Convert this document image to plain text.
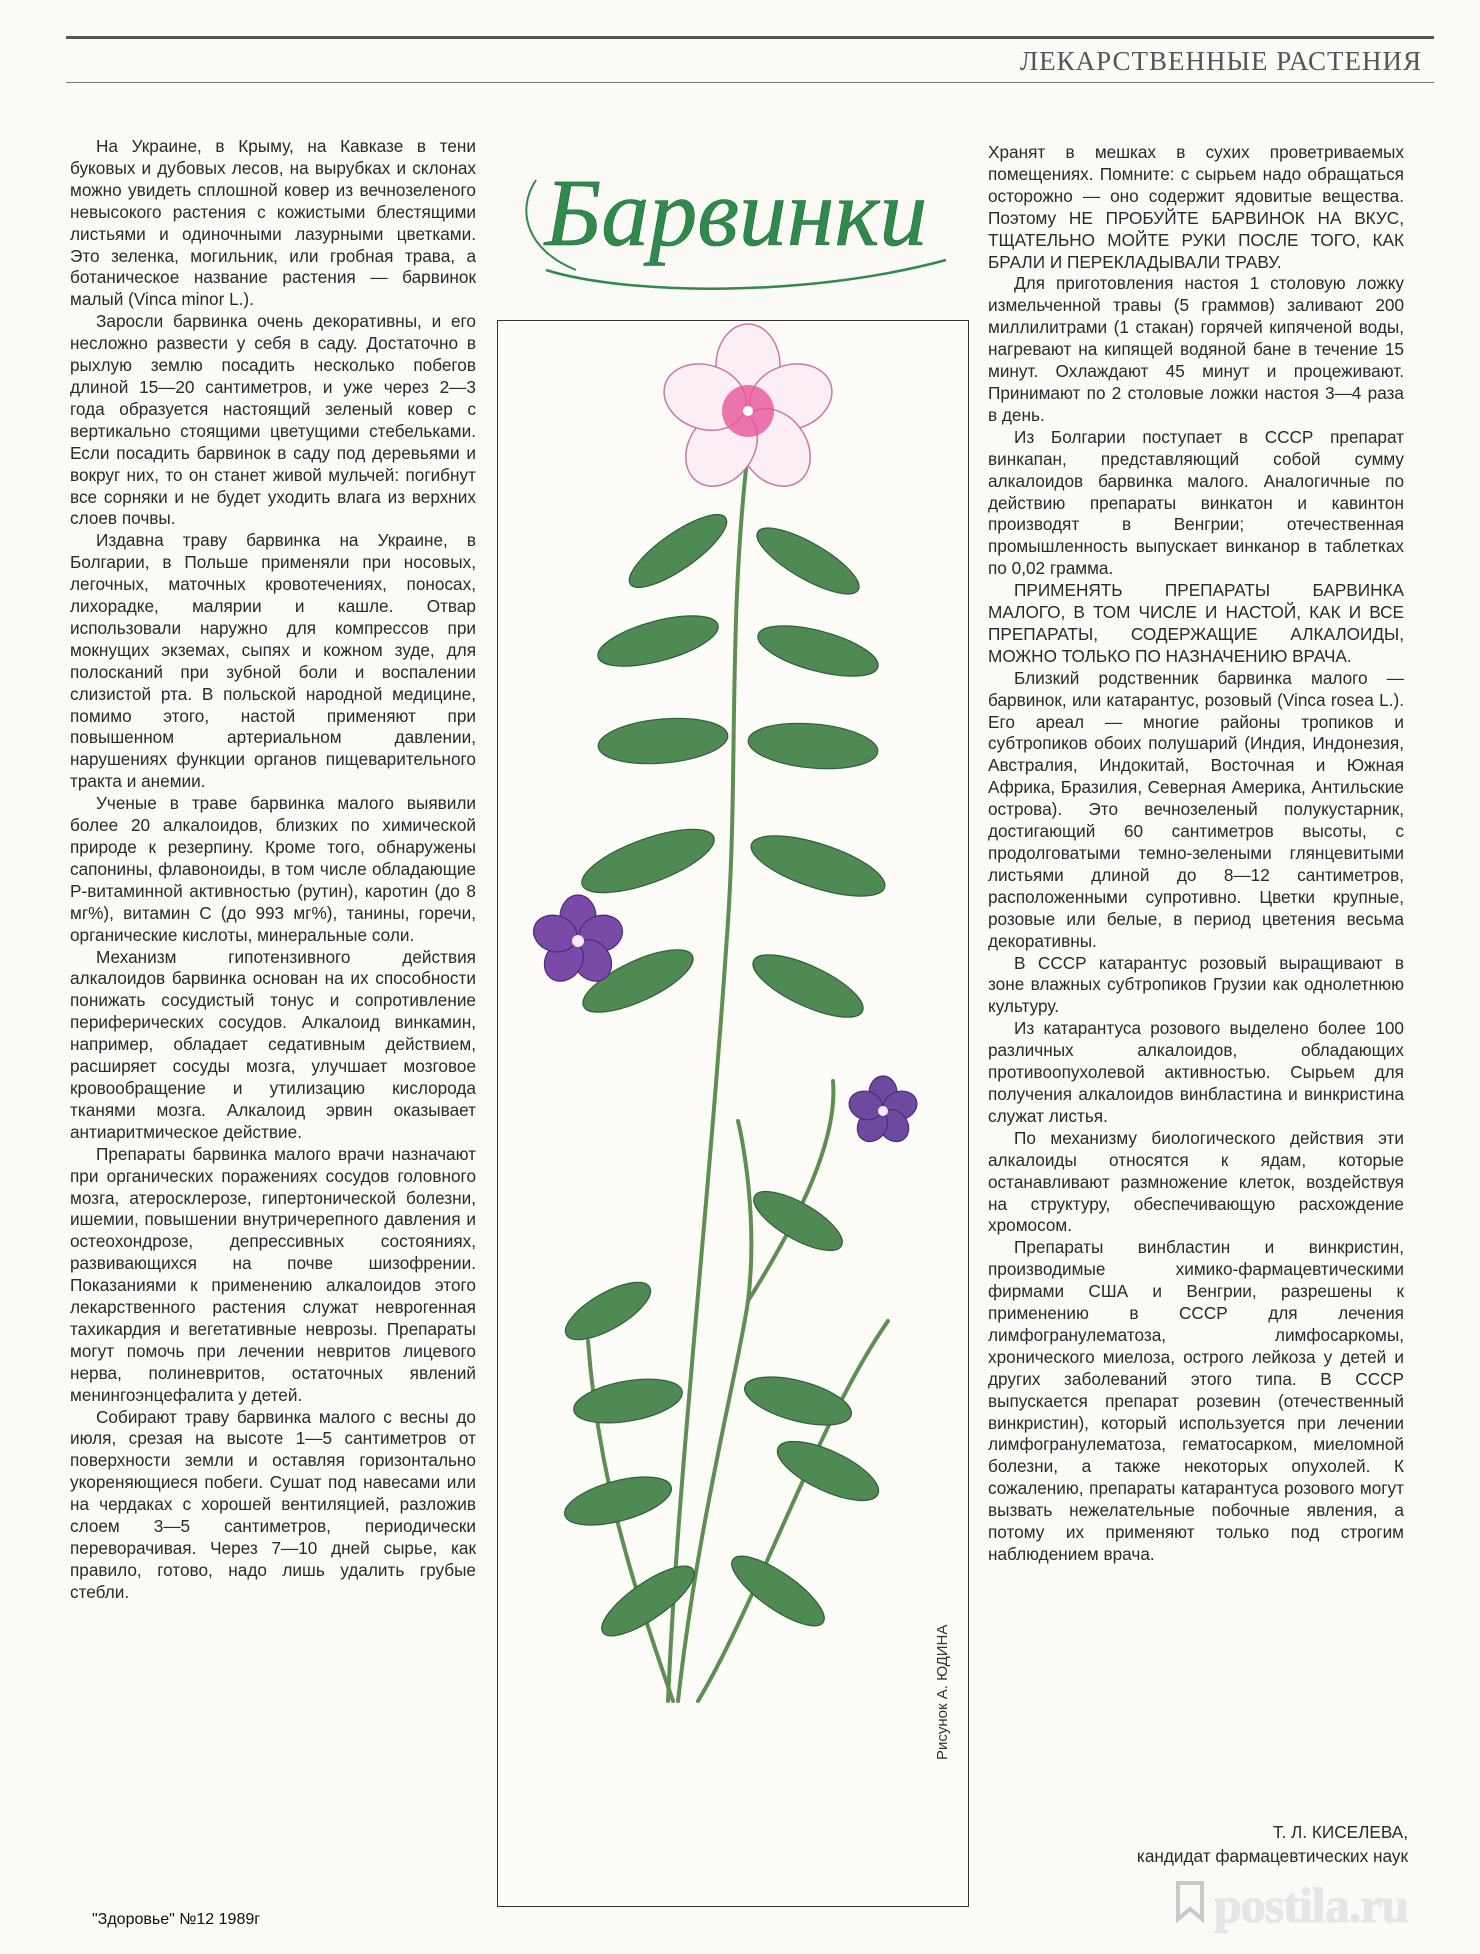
ЛЕКАРСТВЕННЫЕ РАСТЕНИЯ

На Украине, в Крыму, на Кавказе в тени буковых и дубовых лесов, на вырубках и склонах можно увидеть сплошной ковер из вечнозеленого невысокого растения с кожистыми блестящими листьями и одиночными лазурными цветками. Это зеленка, могильник, или гробная трава, а ботаническое название растения — барвинок малый (Vinca minor L.).

Заросли барвинка очень декоративны, и его несложно развести у себя в саду. Достаточно в рыхлую землю посадить несколько побегов длиной 15—20 сантиметров, и уже через 2—3 года образуется настоящий зеленый ковер с вертикально стоящими цветущими стебельками. Если посадить барвинок в саду под деревьями и вокруг них, то он станет живой мульчей: погибнут все сорняки и не будет уходить влага из верхних слоев почвы.

Издавна траву барвинка на Украине, в Болгарии, в Польше применяли при носовых, легочных, маточных кровотечениях, поносах, лихорадке, малярии и кашле. Отвар использовали наружно для компрессов при мокнущих экземах, сыпях и кожном зуде, для полосканий при зубной боли и воспалении слизистой рта. В польской народной медицине, помимо этого, настой применяют при повышенном артериальном давлении, нарушениях функции органов пищеварительного тракта и анемии.

Ученые в траве барвинка малого выявили более 20 алкалоидов, близких по химической природе к резерпину. Кроме того, обнаружены сапонины, флавоноиды, в том числе обладающие Р-витаминной активностью (рутин), каротин (до 8 мг%), витамин С (до 993 мг%), танины, горечи, органические кислоты, минеральные соли.

Механизм гипотензивного действия алкалоидов барвинка основан на их способности понижать сосудистый тонус и сопротивление периферических сосудов. Алкалоид винкамин, например, обладает седативным действием, расширяет сосуды мозга, улучшает мозговое кровообращение и утилизацию кислорода тканями мозга. Алкалоид эрвин оказывает антиаритмическое действие.

Препараты барвинка малого врачи назначают при органических поражениях сосудов головного мозга, атеросклерозе, гипертонической болезни, ишемии, повышении внутричерепного давления и остеохондрозе, депрессивных состояниях, развивающихся на почве шизофрении. Показаниями к применению алкалоидов этого лекарственного растения служат неврогенная тахикардия и вегетативные неврозы. Препараты могут помочь при лечении невритов лицевого нерва, полиневритов, остаточных явлений менингоэнцефалита у детей.

Собирают траву барвинка малого с весны до июля, срезая на высоте 1—5 сантиметров от поверхности земли и оставляя горизонтально укореняющиеся побеги. Сушат под навесами или на чердаках с хорошей вентиляцией, разложив слоем 3—5 сантиметров, периодически переворачивая. Через 7—10 дней сырье, как правило, готово, надо лишь удалить грубые стебли.

Барвинки
Рисунок А. ЮДИНА

Хранят в мешках в сухих проветриваемых помещениях. Помните: с сырьем надо обращаться осторожно — оно содержит ядовитые вещества. Поэтому НЕ ПРОБУЙТЕ БАРВИНОК НА ВКУС, ТЩАТЕЛЬНО МОЙТЕ РУКИ ПОСЛЕ ТОГО, КАК БРАЛИ И ПЕРЕКЛАДЫВАЛИ ТРАВУ.

Для приготовления настоя 1 столовую ложку измельченной травы (5 граммов) заливают 200 миллилитрами (1 стакан) горячей кипяченой воды, нагревают на кипящей водяной бане в течение 15 минут. Охлаждают 45 минут и процеживают. Принимают по 2 столовые ложки настоя 3—4 раза в день.

Из Болгарии поступает в СССР препарат винкапан, представляющий собой сумму алкалоидов барвинка малого. Аналогичные по действию препараты винкатон и кавинтон производят в Венгрии; отечественная промышленность выпускает винканор в таблетках по 0,02 грамма.

ПРИМЕНЯТЬ ПРЕПАРАТЫ БАРВИНКА МАЛОГО, В ТОМ ЧИСЛЕ И НАСТОЙ, КАК И ВСЕ ПРЕПАРАТЫ, СОДЕРЖАЩИЕ АЛКАЛОИДЫ, МОЖНО ТОЛЬКО ПО НАЗНАЧЕНИЮ ВРАЧА.

Близкий родственник барвинка малого — барвинок, или катарантус, розовый (Vinca rosea L.). Его ареал — многие районы тропиков и субтропиков обоих полушарий (Индия, Индонезия, Австралия, Индокитай, Восточная и Южная Африка, Бразилия, Северная Америка, Антильские острова). Это вечнозеленый полукустарник, достигающий 60 сантиметров высоты, с продолговатыми темно-зелеными глянцевитыми листьями длиной до 8—12 сантиметров, расположенными супротивно. Цветки крупные, розовые или белые, в период цветения весьма декоративны.

В СССР катарантус розовый выращивают в зоне влажных субтропиков Грузии как однолетнюю культуру.

Из катарантуса розового выделено более 100 различных алкалоидов, обладающих противоопухолевой активностью. Сырьем для получения алкалоидов винбластина и винкристина служат листья.

По механизму биологического действия эти алкалоиды относятся к ядам, которые останавливают размножение клеток, воздействуя на структуру, обеспечивающую расхождение хромосом.

Препараты винбластин и винкристин, производимые химико-фармацевтическими фирмами США и Венгрии, разрешены к применению в СССР для лечения лимфогранулематоза, лимфосаркомы, хронического миелоза, острого лейкоза у детей и других заболеваний этого типа. В СССР выпускается препарат розевин (отечественный винкристин), который используется при лечении лимфогранулематоза, гематосарком, миеломной болезни, а также некоторых опухолей. К сожалению, препараты катарантуса розового могут вызвать нежелательные побочные явления, а потому их применяют только под строгим наблюдением врача.

Т. Л. КИСЕЛЕВА,
кандидат фармацевтических наук
"Здоровье" №12 1989г	postila.ru
